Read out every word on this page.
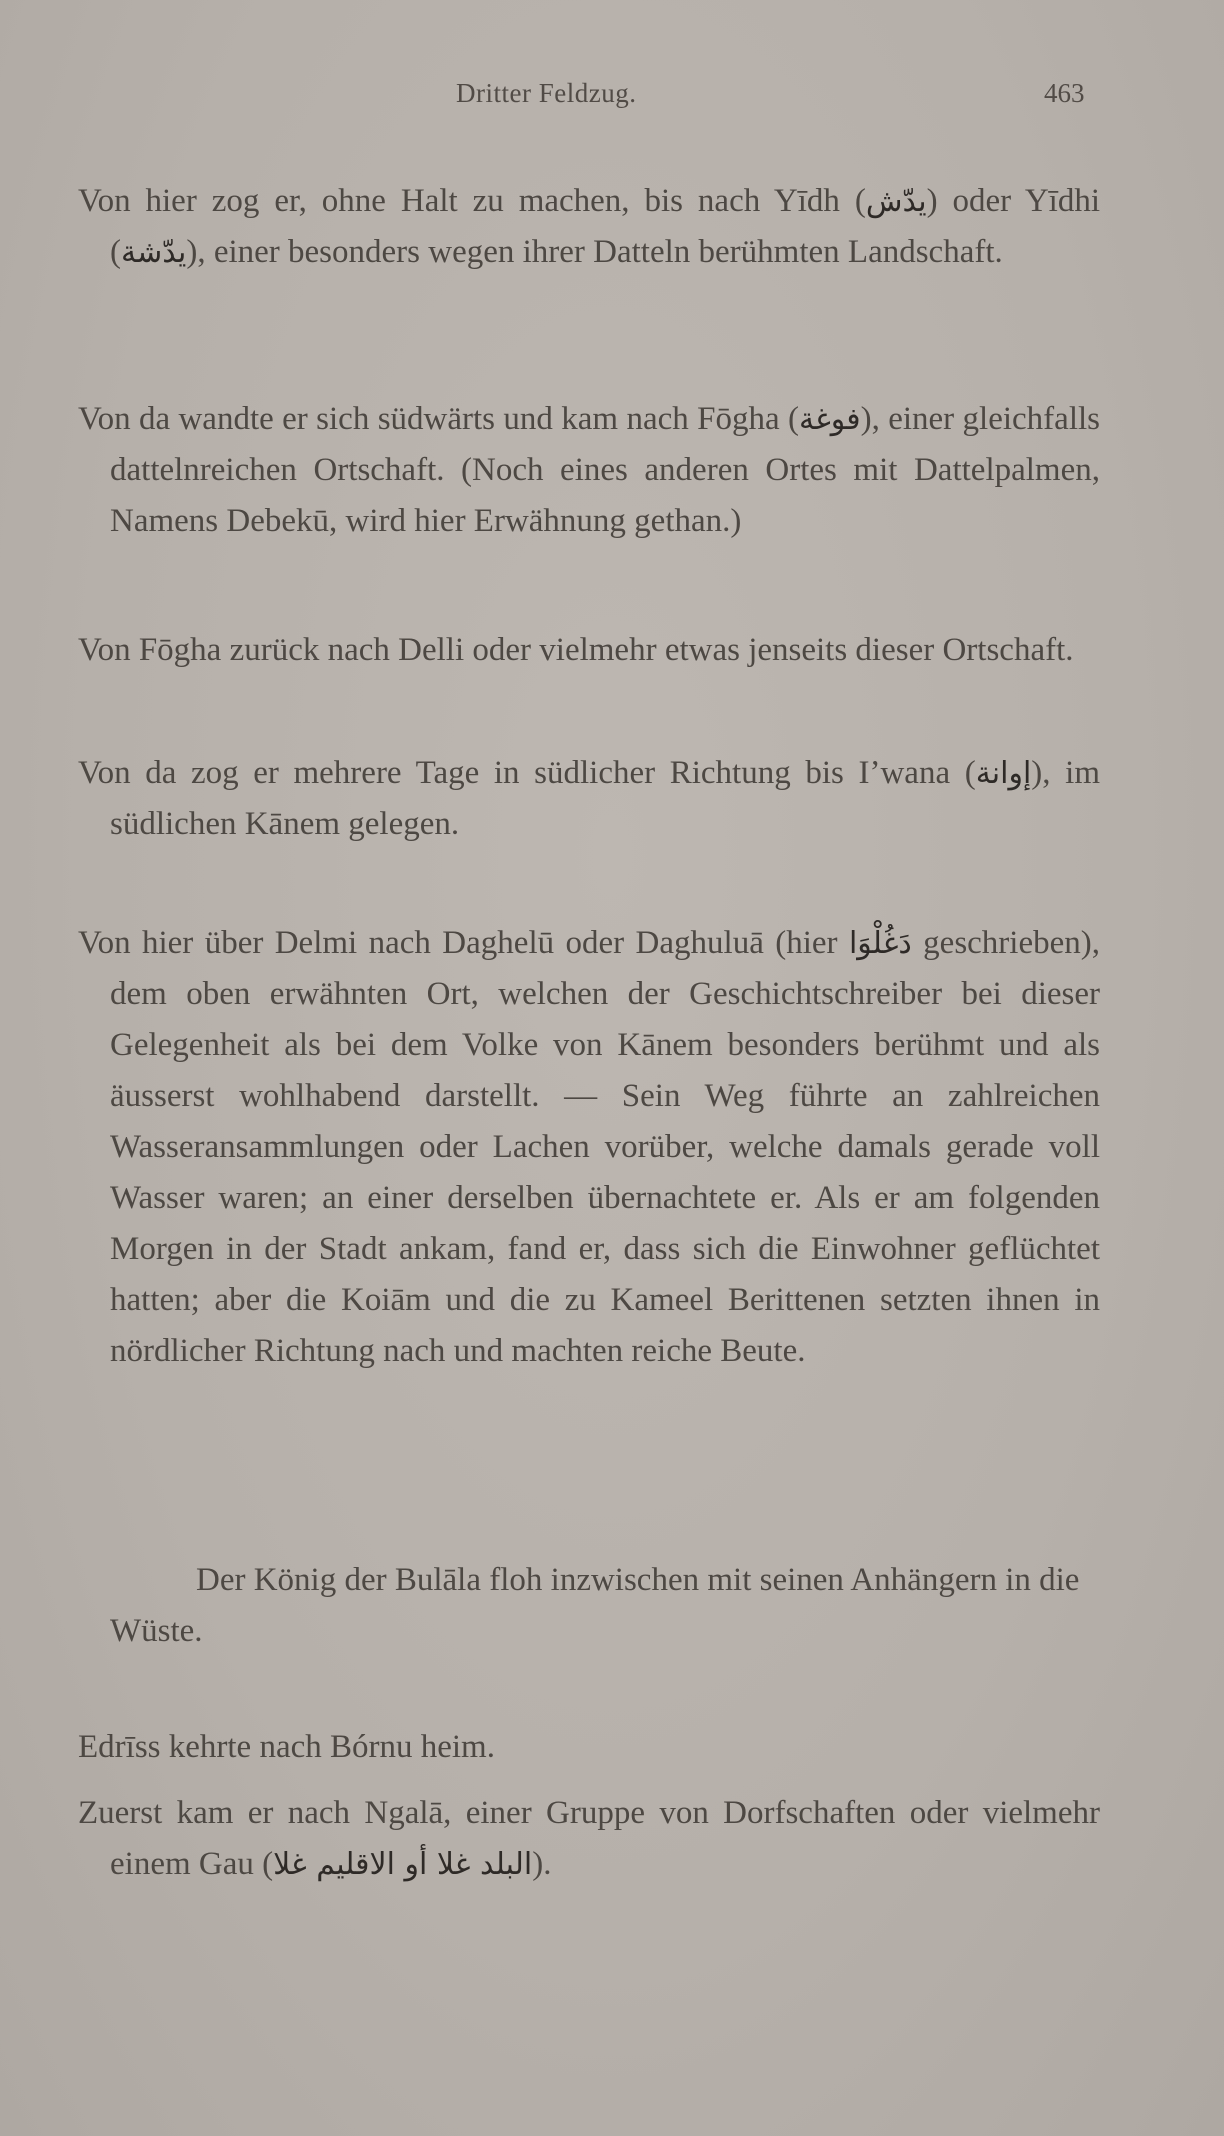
Dritter Feldzug.	463

Von hier zog er, ohne Halt zu machen, bis nach Yīdh (يدّش) oder Yīdhi (يدّشة), einer besonders wegen ihrer Datteln berühmten Landschaft.

Von da wandte er sich südwärts und kam nach Fōgha (فوغة), einer gleichfalls dattelnreichen Ortschaft. (Noch eines anderen Ortes mit Dattelpalmen, Namens Debekū, wird hier Erwähnung gethan.)

Von Fōgha zurück nach Delli oder vielmehr etwas jenseits dieser Ortschaft.

Von da zog er mehrere Tage in südlicher Richtung bis Iʼwana (إوانة), im südlichen Kānem gelegen.

Von hier über Delmi nach Daghelū oder Daghuluā (hier دَغُلْوَا geschrieben), dem oben erwähnten Ort, welchen der Geschichtschreiber bei dieser Gelegenheit als bei dem Volke von Kānem besonders berühmt und als äusserst wohlhabend darstellt. — Sein Weg führte an zahlreichen Wasseransammlungen oder Lachen vorüber, welche damals gerade voll Wasser waren; an einer derselben übernachtete er. Als er am folgenden Morgen in der Stadt ankam, fand er, dass sich die Einwohner geflüchtet hatten; aber die Koiām und die zu Kameel Berittenen setzten ihnen in nördlicher Richtung nach und machten reiche Beute.

Der König der Bulāla floh inzwischen mit seinen Anhängern in die Wüste.

Edrīss kehrte nach Bórnu heim.

Zuerst kam er nach Ngalā, einer Gruppe von Dorfschaften oder vielmehr einem Gau (البلد غلا أو الاقليم غلا).
